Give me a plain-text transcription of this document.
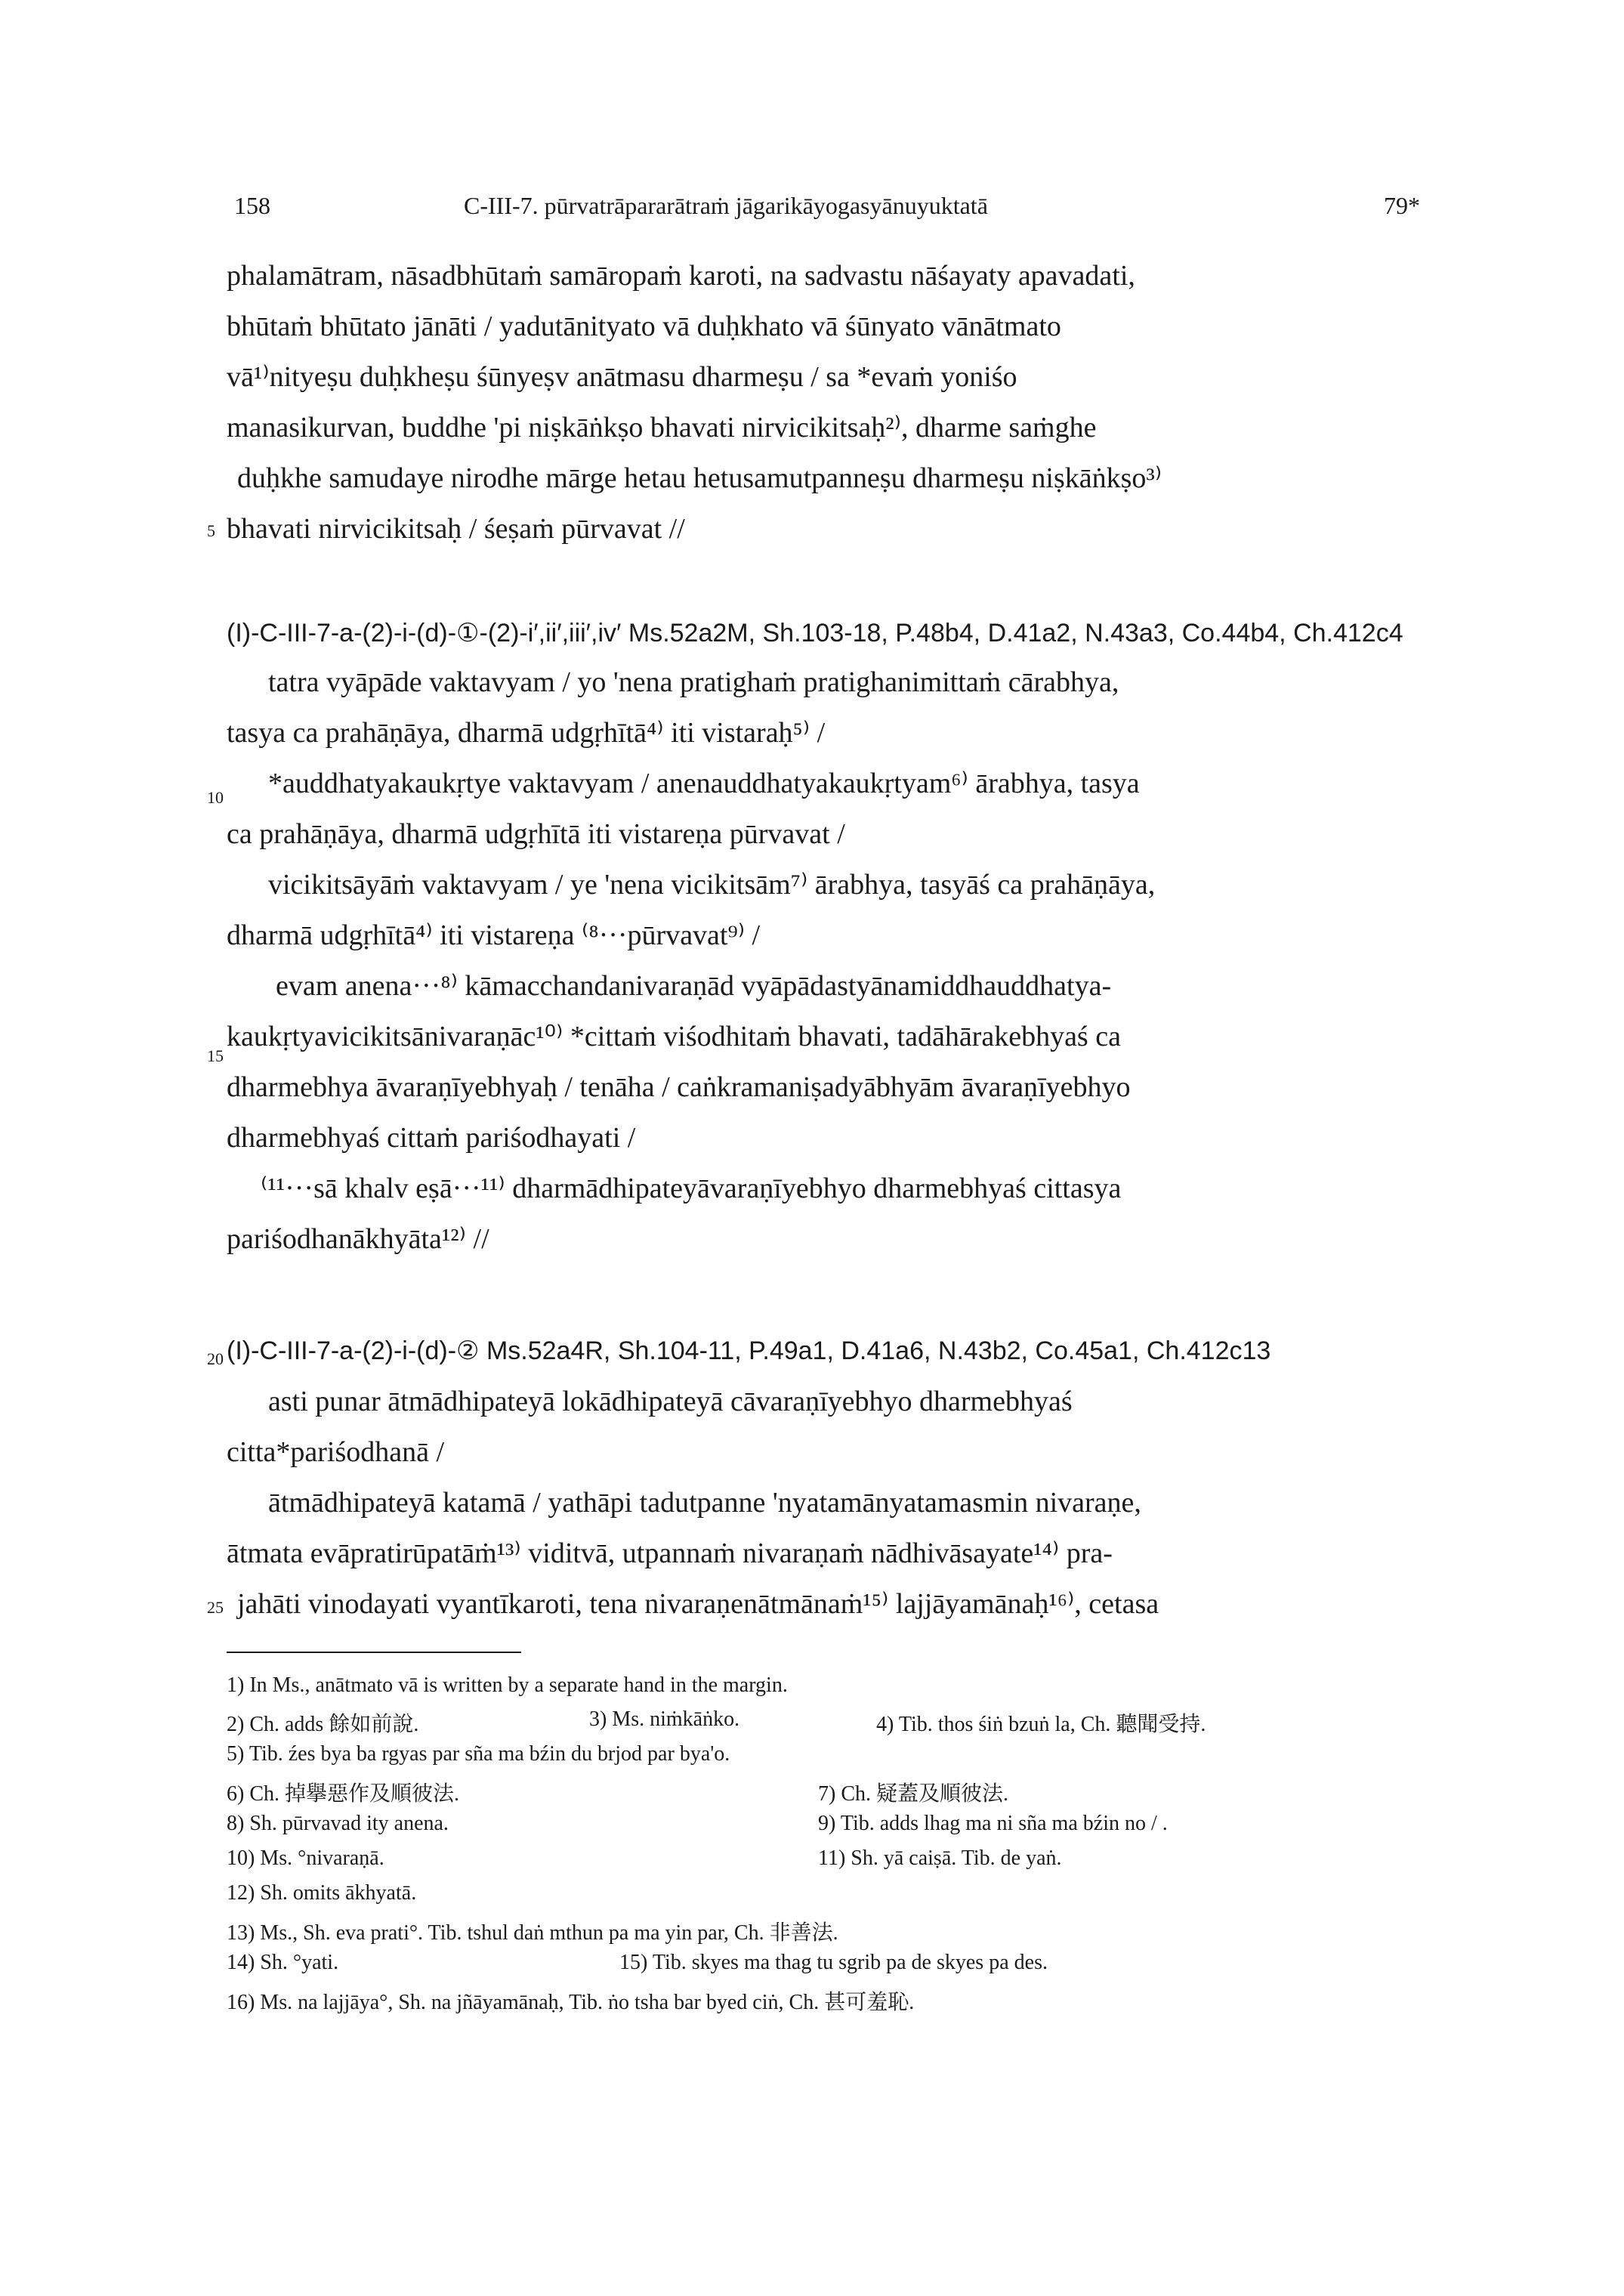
158	C-III-7. pūrvatrāpararātraṁ jāgarikāyogasyānuyuktatā	79*
5
10
15
20
25
phalamātram, nāsadbhūtaṁ samāropaṁ karoti, na sadvastu nāśayaty apavadati,
bhūtaṁ bhūtato jānāti / yadutānityato vā duḥkhato vā śūnyato vānātmato
vā¹⁾nityeṣu duḥkheṣu śūnyeṣv anātmasu dharmeṣu / sa *evaṁ yoniśo
manasikurvan, buddhe 'pi niṣkāṅkṣo bhavati nirvicikitsaḥ²⁾, dharme saṁghe
duḥkhe samudaye nirodhe mārge hetau hetusamutpanneṣu dharmeṣu niṣkāṅkṣo³⁾
bhavati nirvicikitsaḥ / śeṣaṁ pūrvavat //
(I)-C-III-7-a-(2)-i-(d)-①-(2)-i′,ii′,iii′,iv′ Ms.52a2M, Sh.103-18, P.48b4, D.41a2, N.43a3, Co.44b4, Ch.412c4
tatra vyāpāde vaktavyam / yo 'nena pratighaṁ pratighanimittaṁ cārabhya,
tasya ca prahāṇāya, dharmā udgṛhītā⁴⁾ iti vistaraḥ⁵⁾ /
*auddhatyakaukṛtye vaktavyam / anenauddhatyakaukṛtyam⁶⁾ ārabhya, tasya
ca prahāṇāya, dharmā udgṛhītā iti vistareṇa pūrvavat /
vicikitsāyāṁ vaktavyam / ye 'nena vicikitsām⁷⁾ ārabhya, tasyāś ca prahāṇāya,
dharmā udgṛhītā⁴⁾ iti vistareṇa ⁽⁸···pūrvavat⁹⁾ /
evam anena···⁸⁾ kāmacchandanivaraṇād vyāpādastyānamiddhauddhatya-
kaukṛtyavicikitsānivaraṇāc¹⁰⁾ *cittaṁ viśodhitaṁ bhavati, tadāhārakebhyaś ca
dharmebhya āvaraṇīyebhyaḥ / tenāha / caṅkramaniṣadyābhyām āvaraṇīyebhyo
dharmebhyaś cittaṁ pariśodhayati /
⁽¹¹···sā khalv eṣā···¹¹⁾ dharmādhipateyāvaraṇīyebhyo dharmebhyaś cittasya
pariśodhanākhyāta¹²⁾ //
(I)-C-III-7-a-(2)-i-(d)-② Ms.52a4R, Sh.104-11, P.49a1, D.41a6, N.43b2, Co.45a1, Ch.412c13
asti punar ātmādhipateyā lokādhipateyā cāvaraṇīyebhyo dharmebhyaś
citta*pariśodhanā /
ātmādhipateyā katamā / yathāpi tadutpanne 'nyatamānyatamasmin nivaraṇe,
ātmata evāpratirūpatāṁ¹³⁾ viditvā, utpannaṁ nivaraṇaṁ nādhivāsayate¹⁴⁾ pra-
jahāti vinodayati vyantīkaroti, tena nivaraṇenātmānaṁ¹⁵⁾ lajjāyamānaḥ¹⁶⁾, cetasa
1) In Ms., anātmato vā is written by a separate hand in the margin.
2) Ch. adds 餘如前說.	3) Ms. niṁkāṅko.	4) Tib. thos śiṅ bzuṅ la, Ch. 聽聞受持.
5) Tib. źes bya ba rgyas par sña ma bźin du brjod par bya'o.
6) Ch. 掉擧惡作及順彼法.	7) Ch. 疑蓋及順彼法.
8) Sh. pūrvavad ity anena.	9) Tib. adds lhag ma ni sña ma bźin no / .
10) Ms. °nivaraṇā.	11) Sh. yā caiṣā. Tib. de yaṅ.
12) Sh. omits ākhyatā.
13) Ms., Sh. eva prati°. Tib. tshul daṅ mthun pa ma yin par, Ch. 非善法.
14) Sh. °yati.	15) Tib. skyes ma thag tu sgrib pa de skyes pa des.
16) Ms. na lajjāya°, Sh. na jñāyamānaḥ, Tib. ṅo tsha bar byed ciṅ, Ch. 甚可羞恥.
